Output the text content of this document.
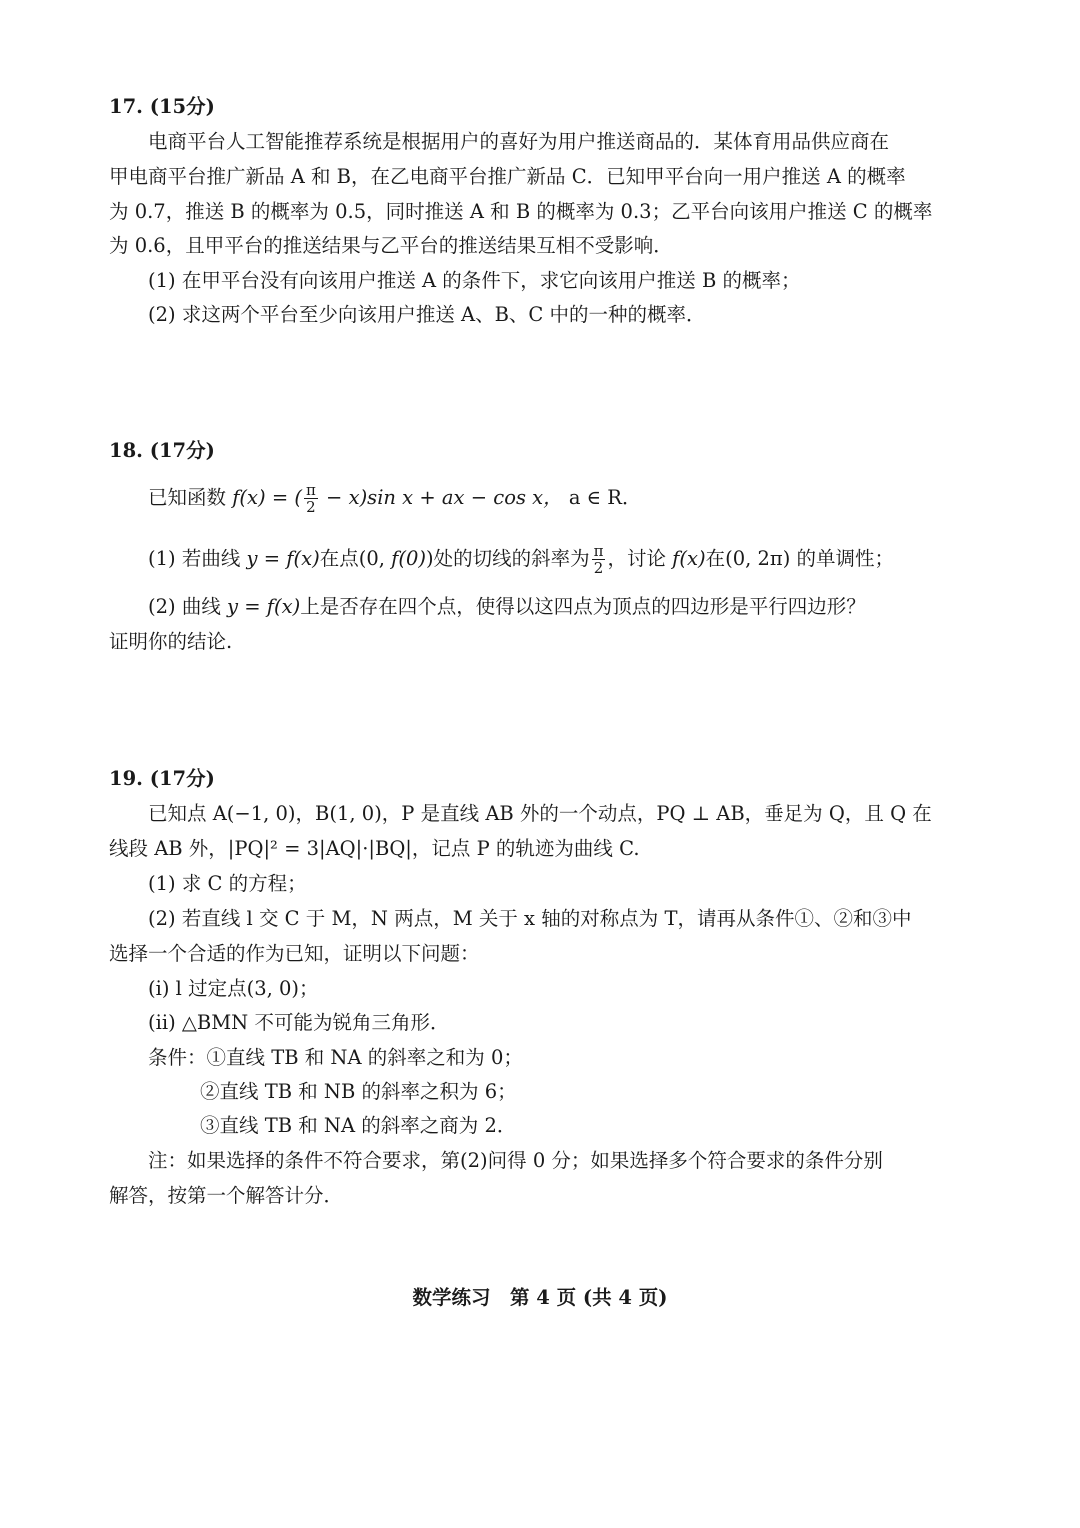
17. (15分)
电商平台人工智能推荐系统是根据用户的喜好为用户推送商品的．某体育用品供应商在
甲电商平台推广新品 A 和 B，在乙电商平台推广新品 C．已知甲平台向一用户推送 A 的概率
为 0.7，推送 B 的概率为 0.5，同时推送 A 和 B 的概率为 0.3；乙平台向该用户推送 C 的概率
为 0.6，且甲平台的推送结果与乙平台的推送结果互相不受影响．
(1) 在甲平台没有向该用户推送 A 的条件下，求它向该用户推送 B 的概率；
(2) 求这两个平台至少向该用户推送 A、B、C 中的一种的概率．
18. (17分)
已知函数 f(x) = ( $\frac{\pi}{2} - x)\sin$ x + ax − cos x， a ∈ R．
(1) 若曲线 y = f(x)在点(0, f(0))处的切线的斜率为 $\frac{\pi}{2}$ ，讨论 f(x)在(0, 2π) 的单调性；
(2) 曲线 y = f(x)上是否存在四个点，使得以这四点为顶点的四边形是平行四边形？
证明你的结论.
19. (17分)
已知点 A(−1, 0)，B(1, 0)，P 是直线 AB 外的一个动点，PQ ⊥ AB，垂足为 Q，且 Q 在
线段 AB 外，|PQ|² = 3|AQ|·|BQ|，记点 P 的轨迹为曲线 C.
(1) 求 C 的方程；
(2) 若直线 l 交 C 于 M，N 两点，M 关于 x 轴的对称点为 T，请再从条件①、②和③中
选择一个合适的作为已知，证明以下问题：
(i) l 过定点(3, 0)；
(ii) △BMN 不可能为锐角三角形．
条件：①直线 TB 和 NA 的斜率之和为 0；
②直线 TB 和 NB 的斜率之积为 6；
③直线 TB 和 NA 的斜率之商为 2．
注：如果选择的条件不符合要求，第(2)问得 0 分；如果选择多个符合要求的条件分别
解答，按第一个解答计分．
数学练习　第 4 页 (共 4 页)
